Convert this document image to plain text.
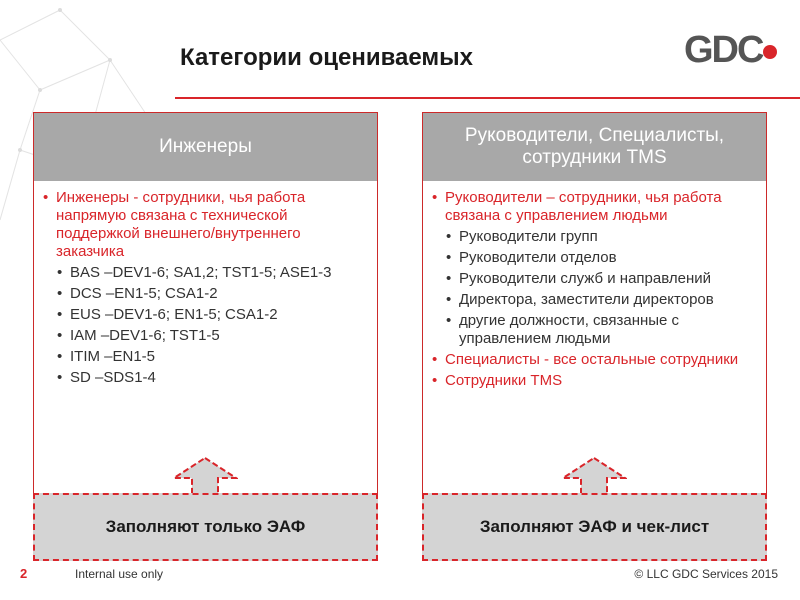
Категории оцениваемых	GDC
Инженеры
• Инженеры - сотрудники, чья работа напрямую связана с технической поддержкой внешнего/внутреннего заказчика
• BAS –DEV1-6; SA1,2; TST1-5; ASE1-3
• DCS –EN1-5; CSA1-2
• EUS –DEV1-6; EN1-5; CSA1-2
• IAM –DEV1-6; TST1-5
• ITIM –EN1-5
• SD –SDS1-4
Руководители, Специалисты, сотрудники TMS
• Руководители – сотрудники, чья работа связана с управлением людьми
• Руководители групп
• Руководители отделов
• Руководители служб и направлений
• Директора, заместители директоров
• другие должности, связанные с управлением людьми
• Специалисты - все остальные сотрудники
• Сотрудники TMS
Заполняют только ЭАФ	Заполняют ЭАФ и чек-лист
2	Internal use only	© LLC GDC Services 2015
